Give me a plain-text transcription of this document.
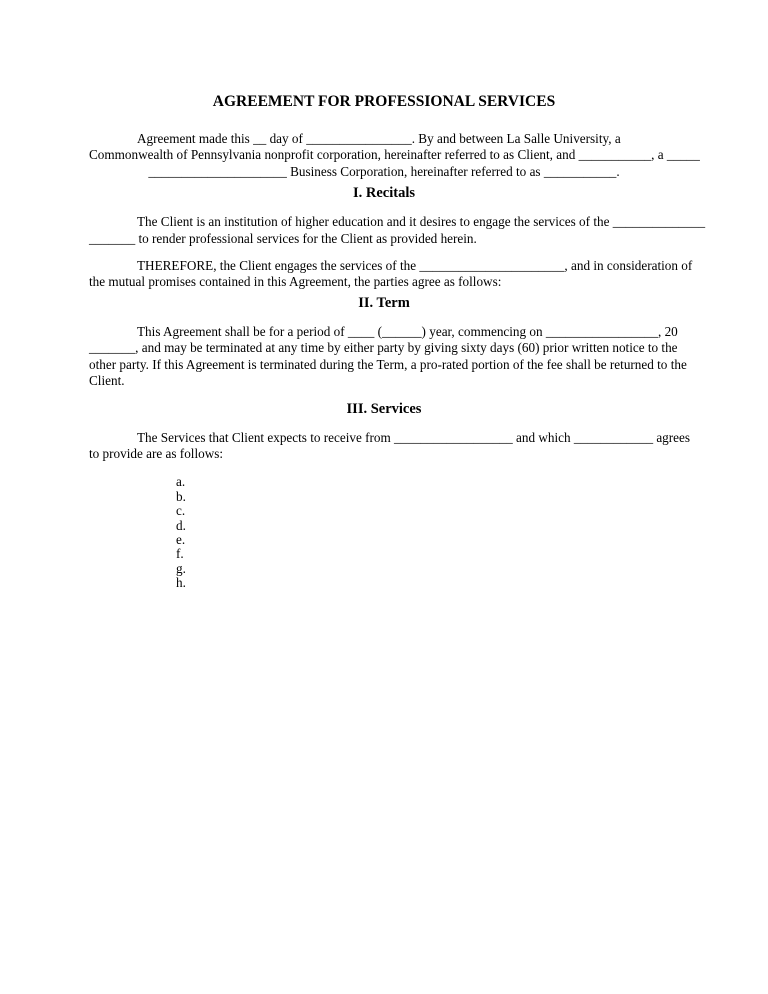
AGREEMENT FOR PROFESSIONAL SERVICES
Agreement made this __ day of ________________. By and between La Salle University, a
Commonwealth of Pennsylvania nonprofit corporation, hereinafter referred to as Client, and ___________, a _____
_____________________ Business Corporation, hereinafter referred to as ___________.
I. Recitals
The Client is an institution of higher education and it desires to engage the services of the ______________
_______ to render professional services for the Client as provided herein.
THEREFORE, the Client engages the services of the ______________________, and in consideration of
the mutual promises contained in this Agreement, the parties agree as follows:
II. Term
This Agreement shall be for a period of ____ (______) year, commencing on _________________, 20
_______, and may be terminated at any time by either party by giving sixty days (60) prior written notice to the
other party. If this Agreement is terminated during the Term, a pro-rated portion of the fee shall be returned to the
Client.
III. Services
The Services that Client expects to receive from __________________ and which ____________ agrees
to provide are as follows:
a.
b.
c.
d.
e.
f.
g.
h.
